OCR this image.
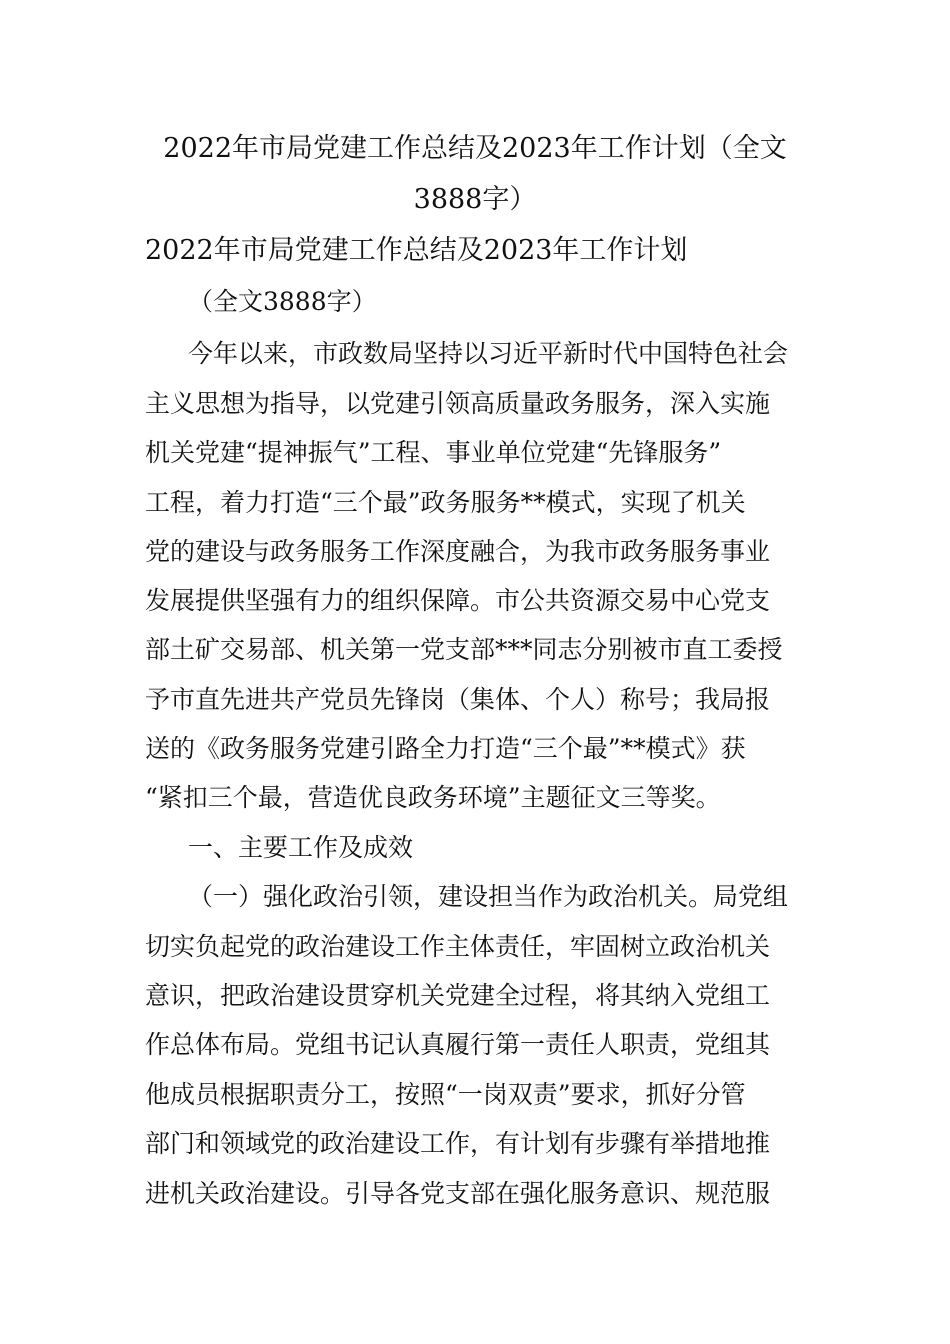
2022年市局党建工作总结及2023年工作计划（全文
3888字）
2022年市局党建工作总结及2023年工作计划
（全文3888字）
今年以来，市政数局坚持以习近平新时代中国特色社会
主义思想为指导，以党建引领高质量政务服务，深入实施
机关党建“提神振气”工程、事业单位党建“先锋服务”
工程，着力打造“三个最”政务服务**模式，实现了机关
党的建设与政务服务工作深度融合，为我市政务服务事业
发展提供坚强有力的组织保障。市公共资源交易中心党支
部土矿交易部、机关第一党支部***同志分别被市直工委授
予市直先进共产党员先锋岗（集体、个人）称号；我局报
送的《政务服务党建引路全力打造“三个最”**模式》获
“紧扣三个最，营造优良政务环境”主题征文三等奖。
一、主要工作及成效
（一）强化政治引领，建设担当作为政治机关。局党组
切实负起党的政治建设工作主体责任，牢固树立政治机关
意识，把政治建设贯穿机关党建全过程，将其纳入党组工
作总体布局。党组书记认真履行第一责任人职责，党组其
他成员根据职责分工，按照“一岗双责”要求，抓好分管
部门和领域党的政治建设工作，有计划有步骤有举措地推
进机关政治建设。引导各党支部在强化服务意识、规范服
